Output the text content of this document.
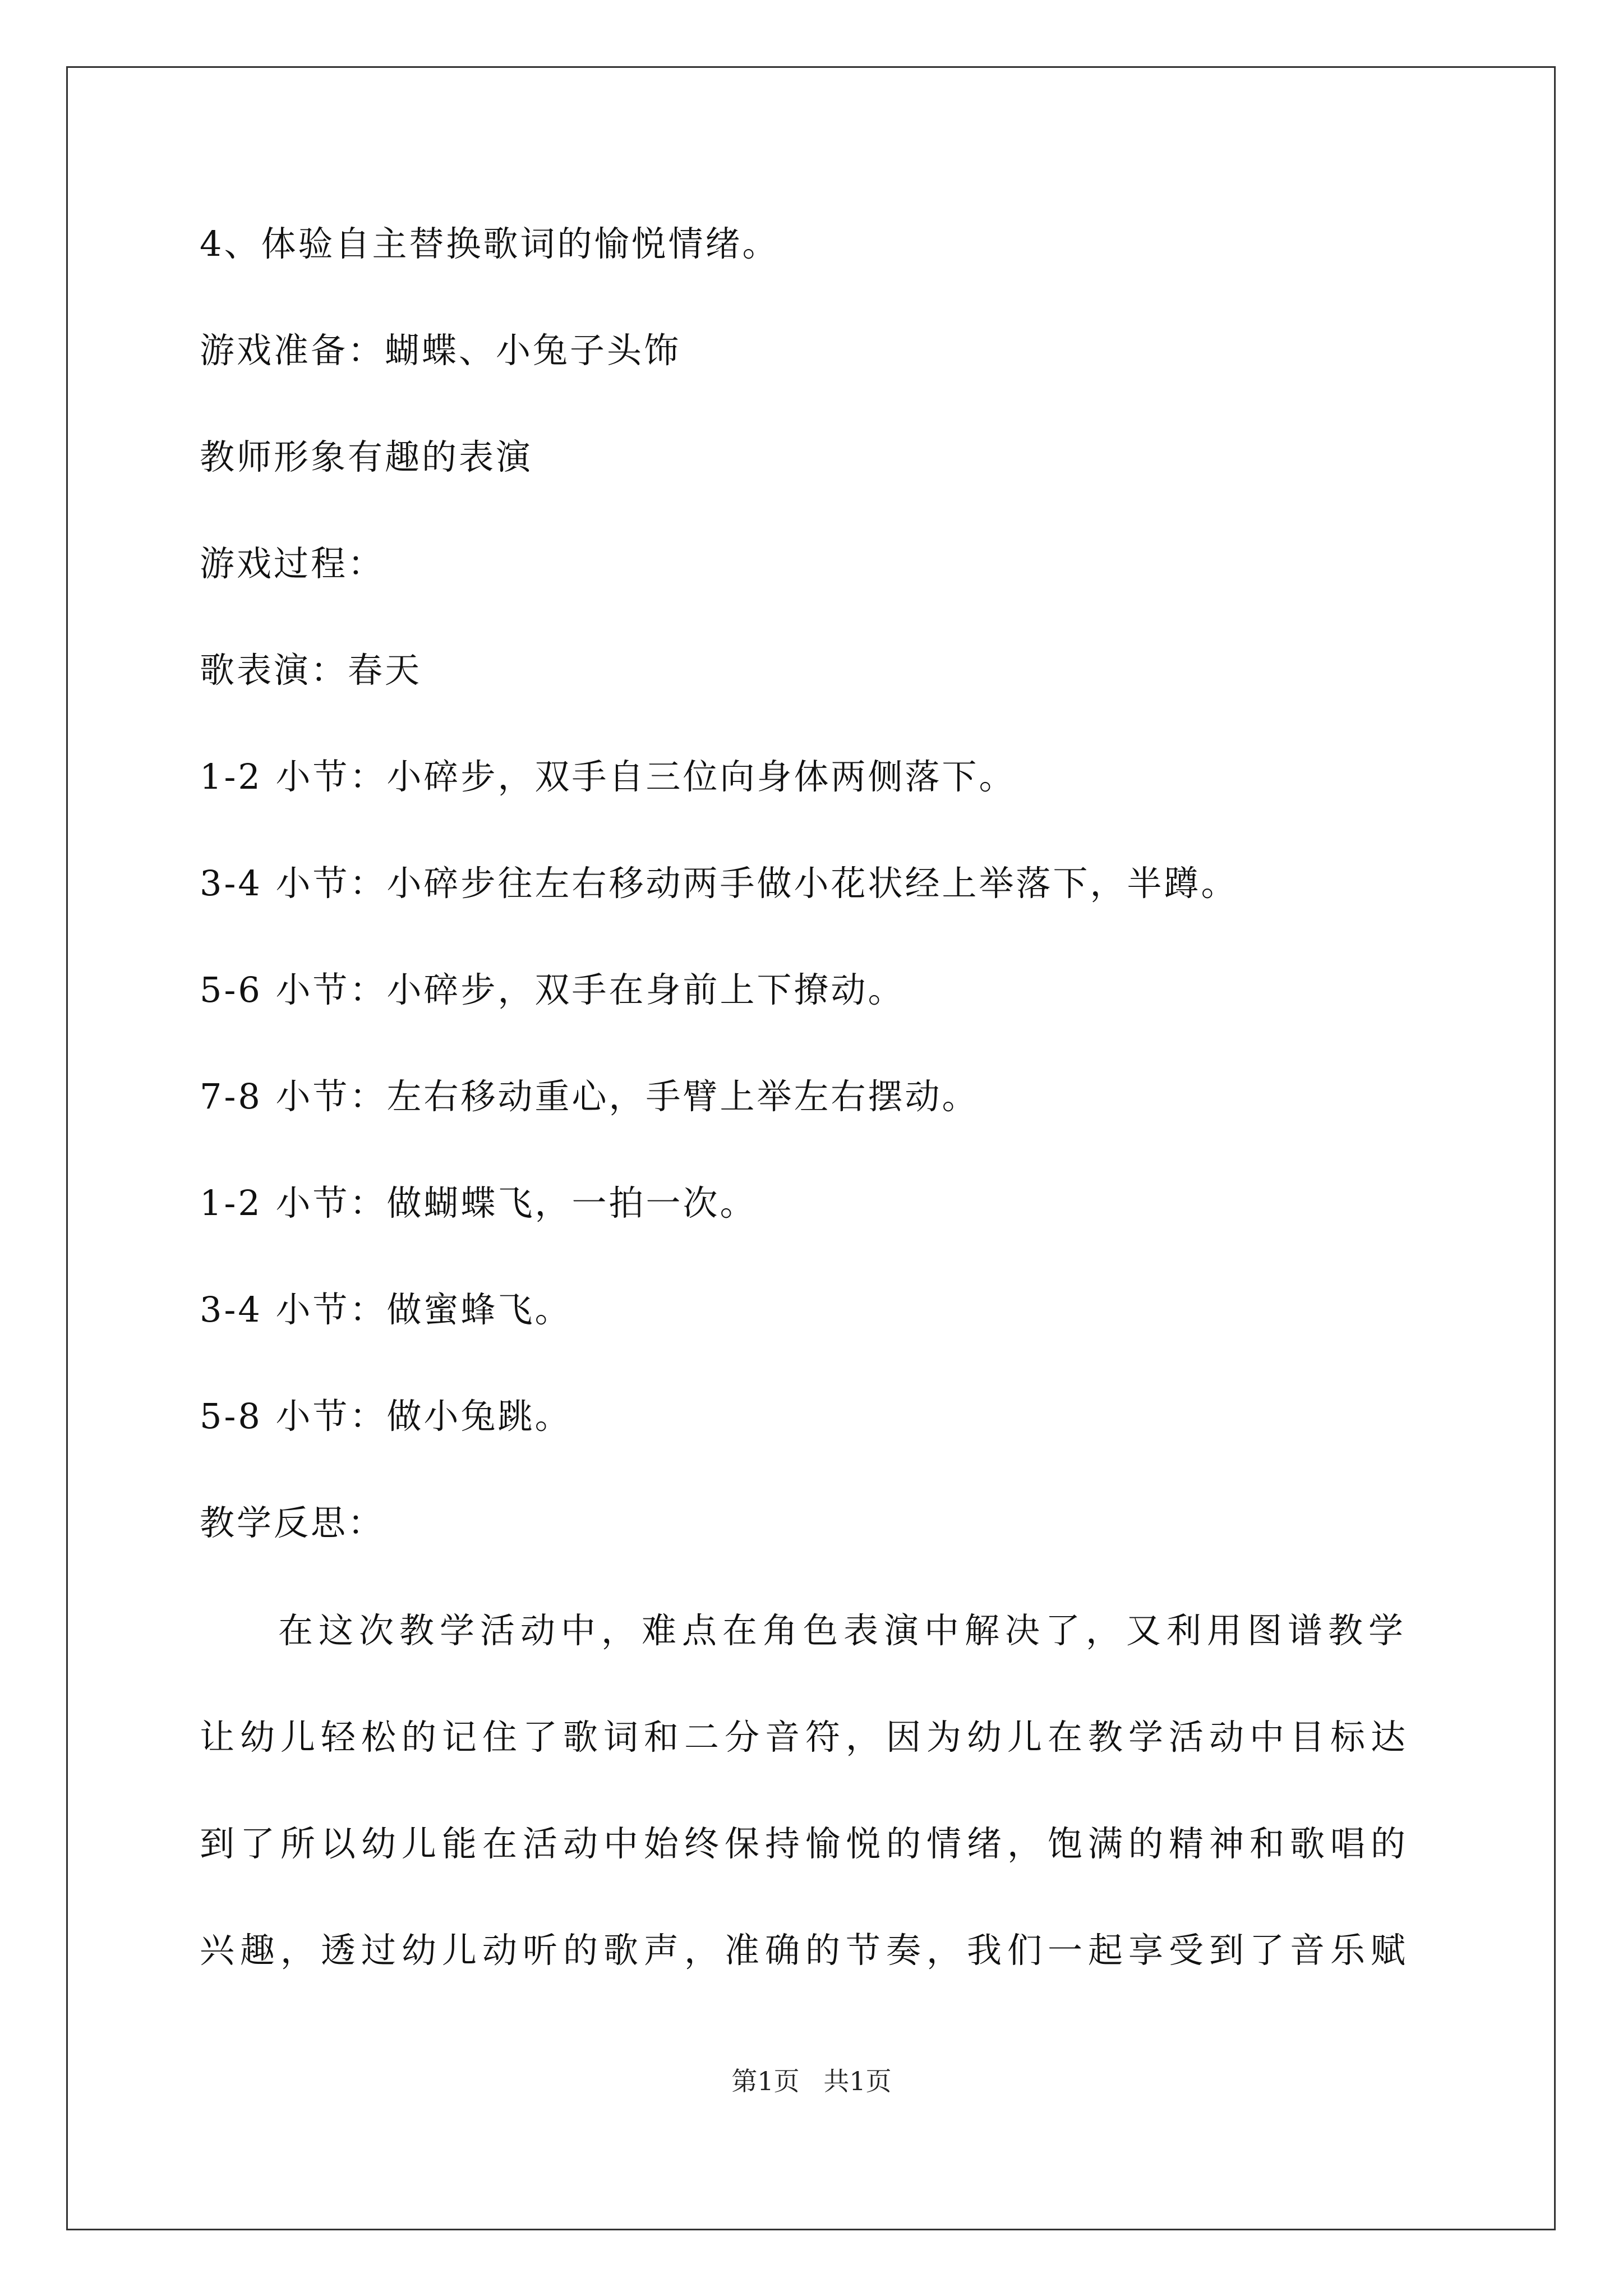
4、体验自主替换歌词的愉悦情绪。
游戏准备：蝴蝶、小兔子头饰
教师形象有趣的表演
游戏过程：
歌表演：春天
1-2 小节：小碎步，双手自三位向身体两侧落下。
3-4 小节：小碎步往左右移动两手做小花状经上举落下，半蹲。
5-6 小节：小碎步，双手在身前上下撩动。
7-8 小节：左右移动重心，手臂上举左右摆动。
1-2 小节：做蝴蝶飞，一拍一次。
3-4 小节：做蜜蜂飞。
5-8 小节：做小兔跳。
教学反思：
在这次教学活动中，难点在角色表演中解决了，又利用图谱教学
让幼儿轻松的记住了歌词和二分音符，因为幼儿在教学活动中目标达
到了所以幼儿能在活动中始终保持愉悦的情绪，饱满的精神和歌唱的
兴趣，透过幼儿动听的歌声，准确的节奏，我们一起享受到了音乐赋
第1页 共1页
